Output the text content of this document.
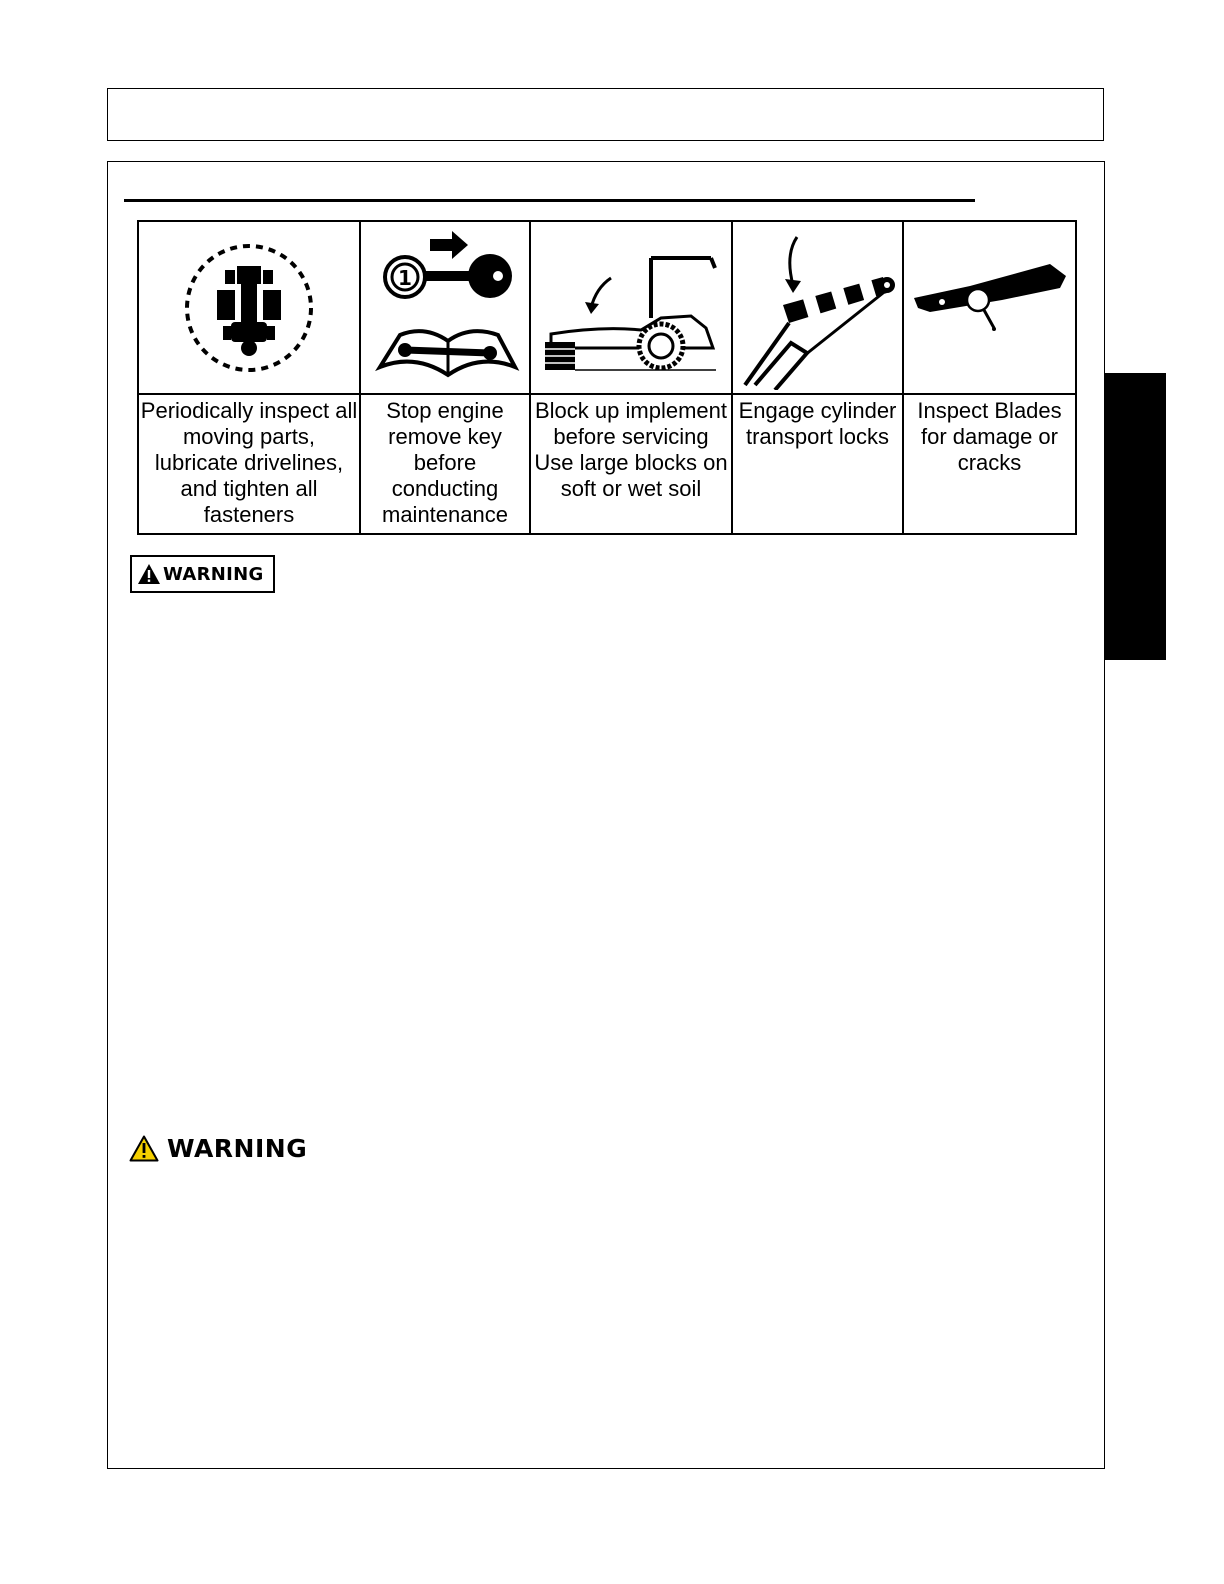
1

Periodically inspect all moving parts, lubricate drivelines, and tighten all fasteners	Stop engine remove key before conducting maintenance	Block up implement before servicing Use large blocks on soft or wet soil	Engage cylinder transport locks	Inspect Blades for damage or cracks
WARNING
WARNING
